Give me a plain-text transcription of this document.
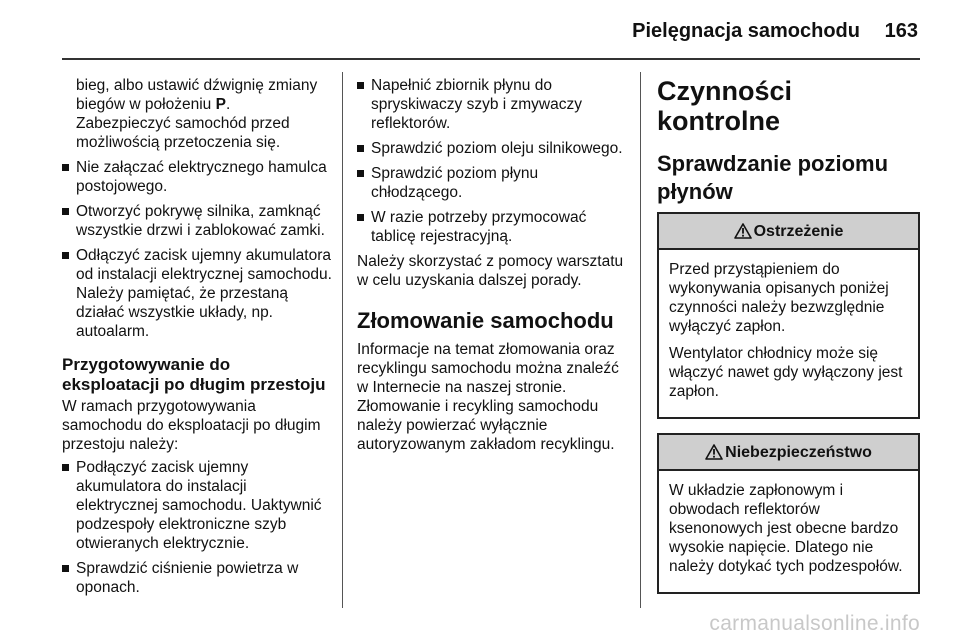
Pielęgnacja samochodu 163
bieg, albo ustawić dźwignię zmiany biegów w położeniu P.
Zabezpieczyć samochód przed możliwością przetoczenia się.
Nie załączać elektrycznego hamulca postojowego.
Otworzyć pokrywę silnika, zamknąć wszystkie drzwi i zablokować zamki.
Odłączyć zacisk ujemny akumulatora od instalacji elektrycznej samochodu. Należy pamiętać, że przestaną działać wszystkie układy, np. autoalarm.
Przygotowywanie do eksploatacji po długim przestoju
W ramach przygotowywania samochodu do eksploatacji po długim przestoju należy:
Podłączyć zacisk ujemny akumulatora do instalacji elektrycznej samochodu. Uaktywnić podzespoły elektroniczne szyb otwieranych elektrycznie.
Sprawdzić ciśnienie powietrza w oponach.
Napełnić zbiornik płynu do spryskiwaczy szyb i zmywaczy reflektorów.
Sprawdzić poziom oleju silnikowego.
Sprawdzić poziom płynu chłodzącego.
W razie potrzeby przymocować tablicę rejestracyjną.
Należy skorzystać z pomocy warsztatu w celu uzyskania dalszej porady.
Złomowanie samochodu
Informacje na temat złomowania oraz recyklingu samochodu można znaleźć w Internecie na naszej stronie. Złomowanie i recykling samochodu należy powierzać wyłącznie autoryzowanym zakładom recyklingu.
Czynności kontrolne
Sprawdzanie poziomu płynów
Ostrzeżenie

Przed przystąpieniem do wykonywania opisanych poniżej czynności należy bezwzględnie wyłączyć zapłon.

Wentylator chłodnicy może się włączyć nawet gdy wyłączony jest zapłon.

Niebezpieczeństwo

W układzie zapłonowym i obwodach reflektorów ksenonowych jest obecne bardzo wysokie napięcie. Dlatego nie należy dotykać tych podzespołów.

carmanualsonline.info
